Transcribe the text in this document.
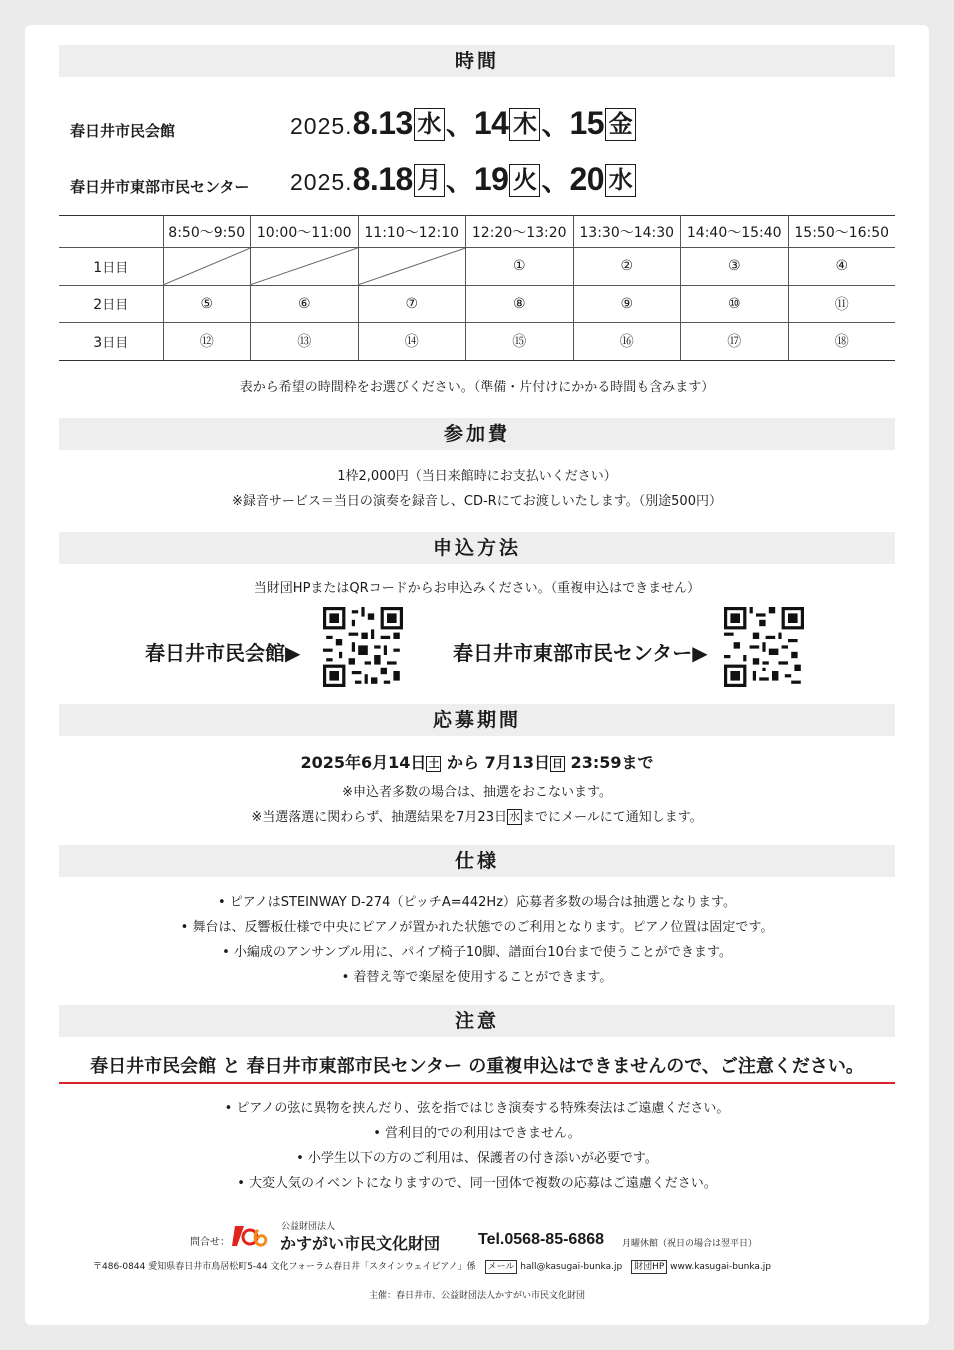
時間
春日井市民会館	2025.8.13 水 、14 木 、15 金
春日井市東部市民センター 2025.8.18 月 、19 火 、20 水
	8:50～9:50	10:00～11:00	11:10～12:10	12:20～13:20	13:30～14:30	14:40～15:40	15:50～16:50
1日目				①	②	③	④
2日目	⑤	⑥	⑦	⑧	⑨	⑩	⑪
3日目	⑫	⑬	⑭	⑮	⑯	⑰	⑱
表から希望の時間枠をお選びください。（準備・片付けにかかる時間も含みます）
参加費
1枠2,000円（当日来館時にお支払いください）
※録音サービス＝当日の演奏を録音し、CD-Rにてお渡しいたします。（別途500円）
申込方法
当財団HPまたはQRコードからお申込みください。（重複申込はできません）
春日井市民会館▶	春日井市東部市民センター▶
応募期間
2025年6月14日 土 から 7月13日 日 23:59まで
※申込者多数の場合は、抽選をおこないます。
※当選落選に関わらず、抽選結果を7月23日 水 までにメールにて通知します。
仕様
• ピアノはSTEINWAY D-274（ピッチA=442Hz）応募者多数の場合は抽選となります。
• 舞台は、反響板仕様で中央にピアノが置かれた状態でのご利用となります。ピアノ位置は固定です。
• 小編成のアンサンブル用に、パイプ椅子10脚、譜面台10台まで使うことができます。
• 着替え等で楽屋を使用することができます。
注意
春日井市民会館 と 春日井市東部市民センター の重複申込はできませんので、ご注意ください。
• ピアノの弦に異物を挟んだり、弦を指ではじき演奏する特殊奏法はご遠慮ください。
• 営利目的での利用はできません。
• 小学生以下の方のご利用は、保護者の付き添いが必要です。
• 大変人気のイベントになりますので、同一団体で複数の応募はご遠慮ください。
問合せ：
公益財団法人
かすがい市民文化財団 Tel.0568-85-6868 月曜休館（祝日の場合は翌平日）
〒486-0844 愛知県春日井市鳥居松町5-44 文化フォーラム春日井「スタインウェイピアノ」係 メール hall@kasugai-bunka.jp 財団HP www.kasugai-bunka.jp
主催：春日井市、公益財団法人かすがい市民文化財団
